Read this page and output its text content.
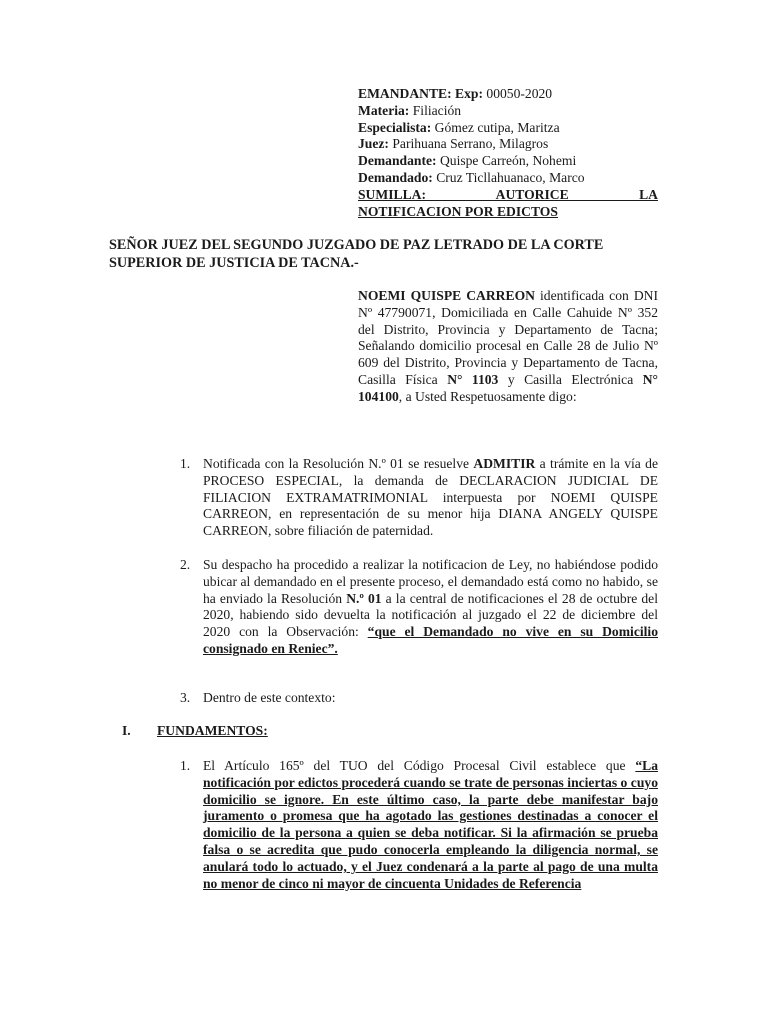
EMANDANTE: Exp: 00050-2020
Materia: Filiación
Especialista: Gómez cutipa, Maritza
Juez: Parihuana Serrano, Milagros
Demandante: Quispe Carreón, Nohemi
Demandado: Cruz Ticllahuanaco, Marco
SUMILLA: AUTORICE LA
NOTIFICACION POR EDICTOS
SEÑOR JUEZ DEL SEGUNDO JUZGADO DE PAZ LETRADO DE LA CORTE SUPERIOR DE JUSTICIA DE TACNA.-
NOEMI QUISPE CARREON identificada con DNI Nº 47790071, Domiciliada en Calle Cahuide Nº 352 del Distrito, Provincia y Departamento de Tacna; Señalando domicilio procesal en Calle 28 de Julio Nº 609 del Distrito, Provincia y Departamento de Tacna, Casilla Física N° 1103 y Casilla Electrónica N° 104100, a Usted Respetuosamente digo:
1. Notificada con la Resolución N.º 01 se resuelve ADMITIR a trámite en la vía de PROCESO ESPECIAL, la demanda de DECLARACION JUDICIAL DE FILIACION EXTRAMATRIMONIAL interpuesta por NOEMI QUISPE CARREON, en representación de su menor hija DIANA ANGELY QUISPE CARREON, sobre filiación de paternidad.
2. Su despacho ha procedido a realizar la notificacion de Ley, no habiéndose podido ubicar al demandado en el presente proceso, el demandado está como no habido, se ha enviado la Resolución N.º 01 a la central de notificaciones el 28 de octubre del 2020, habiendo sido devuelta la notificación al juzgado el 22 de diciembre del 2020 con la Observación: “que el Demandado no vive en su Domicilio consignado en Reniec”.
3. Dentro de este contexto:
I. FUNDAMENTOS:
1. El Artículo 165º del TUO del Código Procesal Civil establece que “La notificación por edictos procederá cuando se trate de personas inciertas o cuyo domicilio se ignore. En este último caso, la parte debe manifestar bajo juramento o promesa que ha agotado las gestiones destinadas a conocer el domicilio de la persona a quien se deba notificar. Si la afirmación se prueba falsa o se acredita que pudo conocerla empleando la diligencia normal, se anulará todo lo actuado, y el Juez condenará a la parte al pago de una multa no menor de cinco ni mayor de cincuenta Unidades de Referencia
